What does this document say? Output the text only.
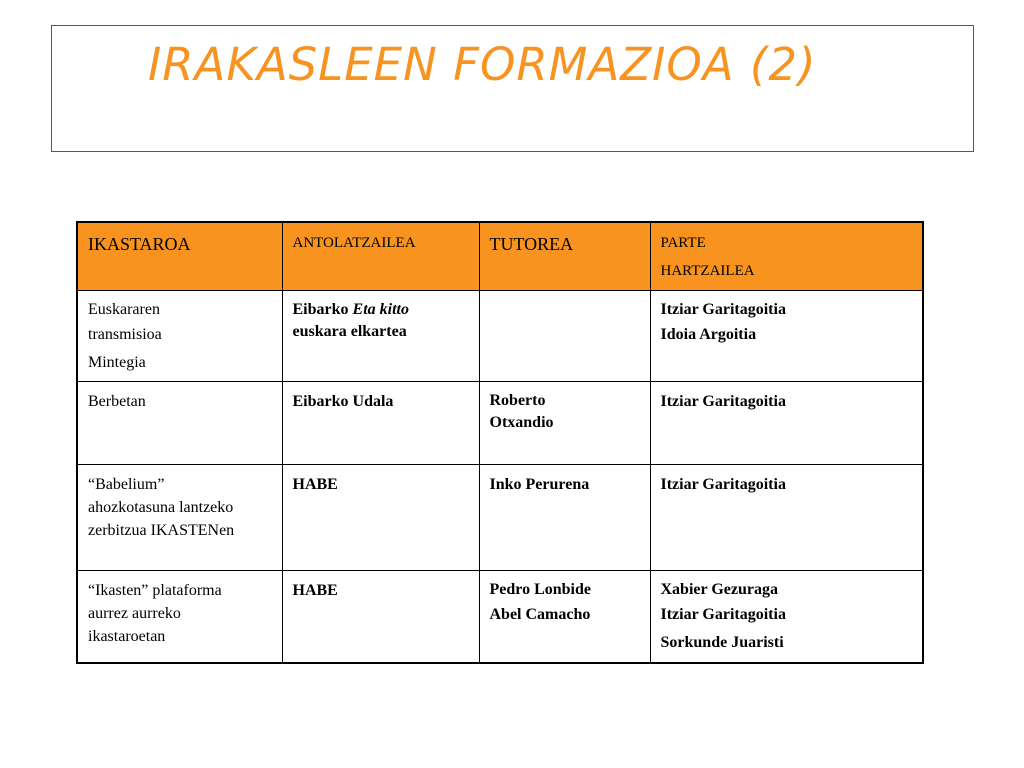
IRAKASLEEN FORMAZIOA (2)
IKASTAROA	ANTOLATZAILEA	TUTOREA	PARTE
HARTZAILEA

Euskararen
transmisioa
Mintegia	Eibarko Eta kitto
euskara elkartea		Itziar Garitagoitia
Idoia Argoitia

Berbetan	Eibarko Udala	Roberto
Otxandio	Itziar Garitagoitia

“Babelium”
ahozkotasuna lantzeko
zerbitzua IKASTENen	HABE	Inko Perurena	Itziar Garitagoitia

“Ikasten” plataforma
aurrez aurreko
ikastaroetan	HABE	Pedro Lonbide
Abel Camacho	Xabier Gezuraga
Itziar Garitagoitia
Sorkunde Juaristi
